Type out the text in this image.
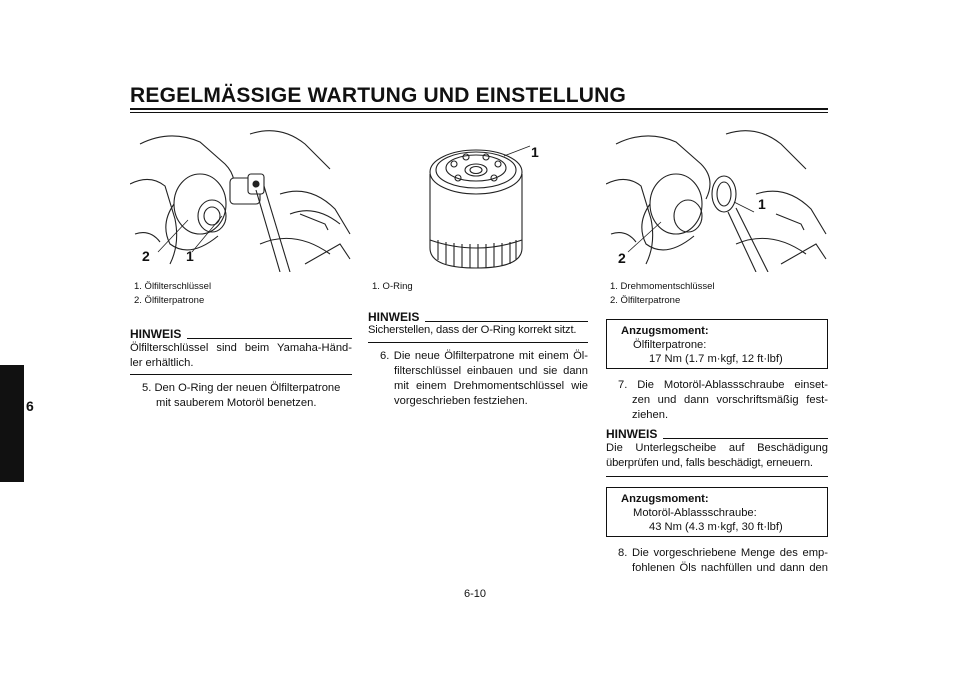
REGELMÄSSIGE WARTUNG UND EINSTELLUNG
6
2	1
1. Ölfilterschlüssel
2. Ölfilterpatrone
HINWEIS
Ölfilterschlüssel sind beim Yamaha-Händ-
ler erhältlich.
5. Den O-Ring der neuen Ölfilterpatrone
mit sauberem Motoröl benetzen.
1
1. O-Ring
HINWEIS
Sicherstellen, dass der O-Ring korrekt sitzt.
6. Die neue Ölfilterpatrone mit einem Öl-
filterschlüssel einbauen und sie dann
mit einem Drehmomentschlüssel wie
vorgeschrieben festziehen.
1
2
1. Drehmomentschlüssel
2. Ölfilterpatrone
Anzugsmoment:
Ölfilterpatrone:
17 Nm (1.7 m·kgf, 12 ft·lbf)
7. Die Motoröl-Ablassschraube einset-
zen und dann vorschriftsmäßig fest-
ziehen.
HINWEIS
Die Unterlegscheibe auf Beschädigung
überprüfen und, falls beschädigt, erneuern.
Anzugsmoment:
Motoröl-Ablassschraube:
43 Nm (4.3 m·kgf, 30 ft·lbf)
8. Die vorgeschriebene Menge des emp-
fohlenen Öls nachfüllen und dann den
6-10
